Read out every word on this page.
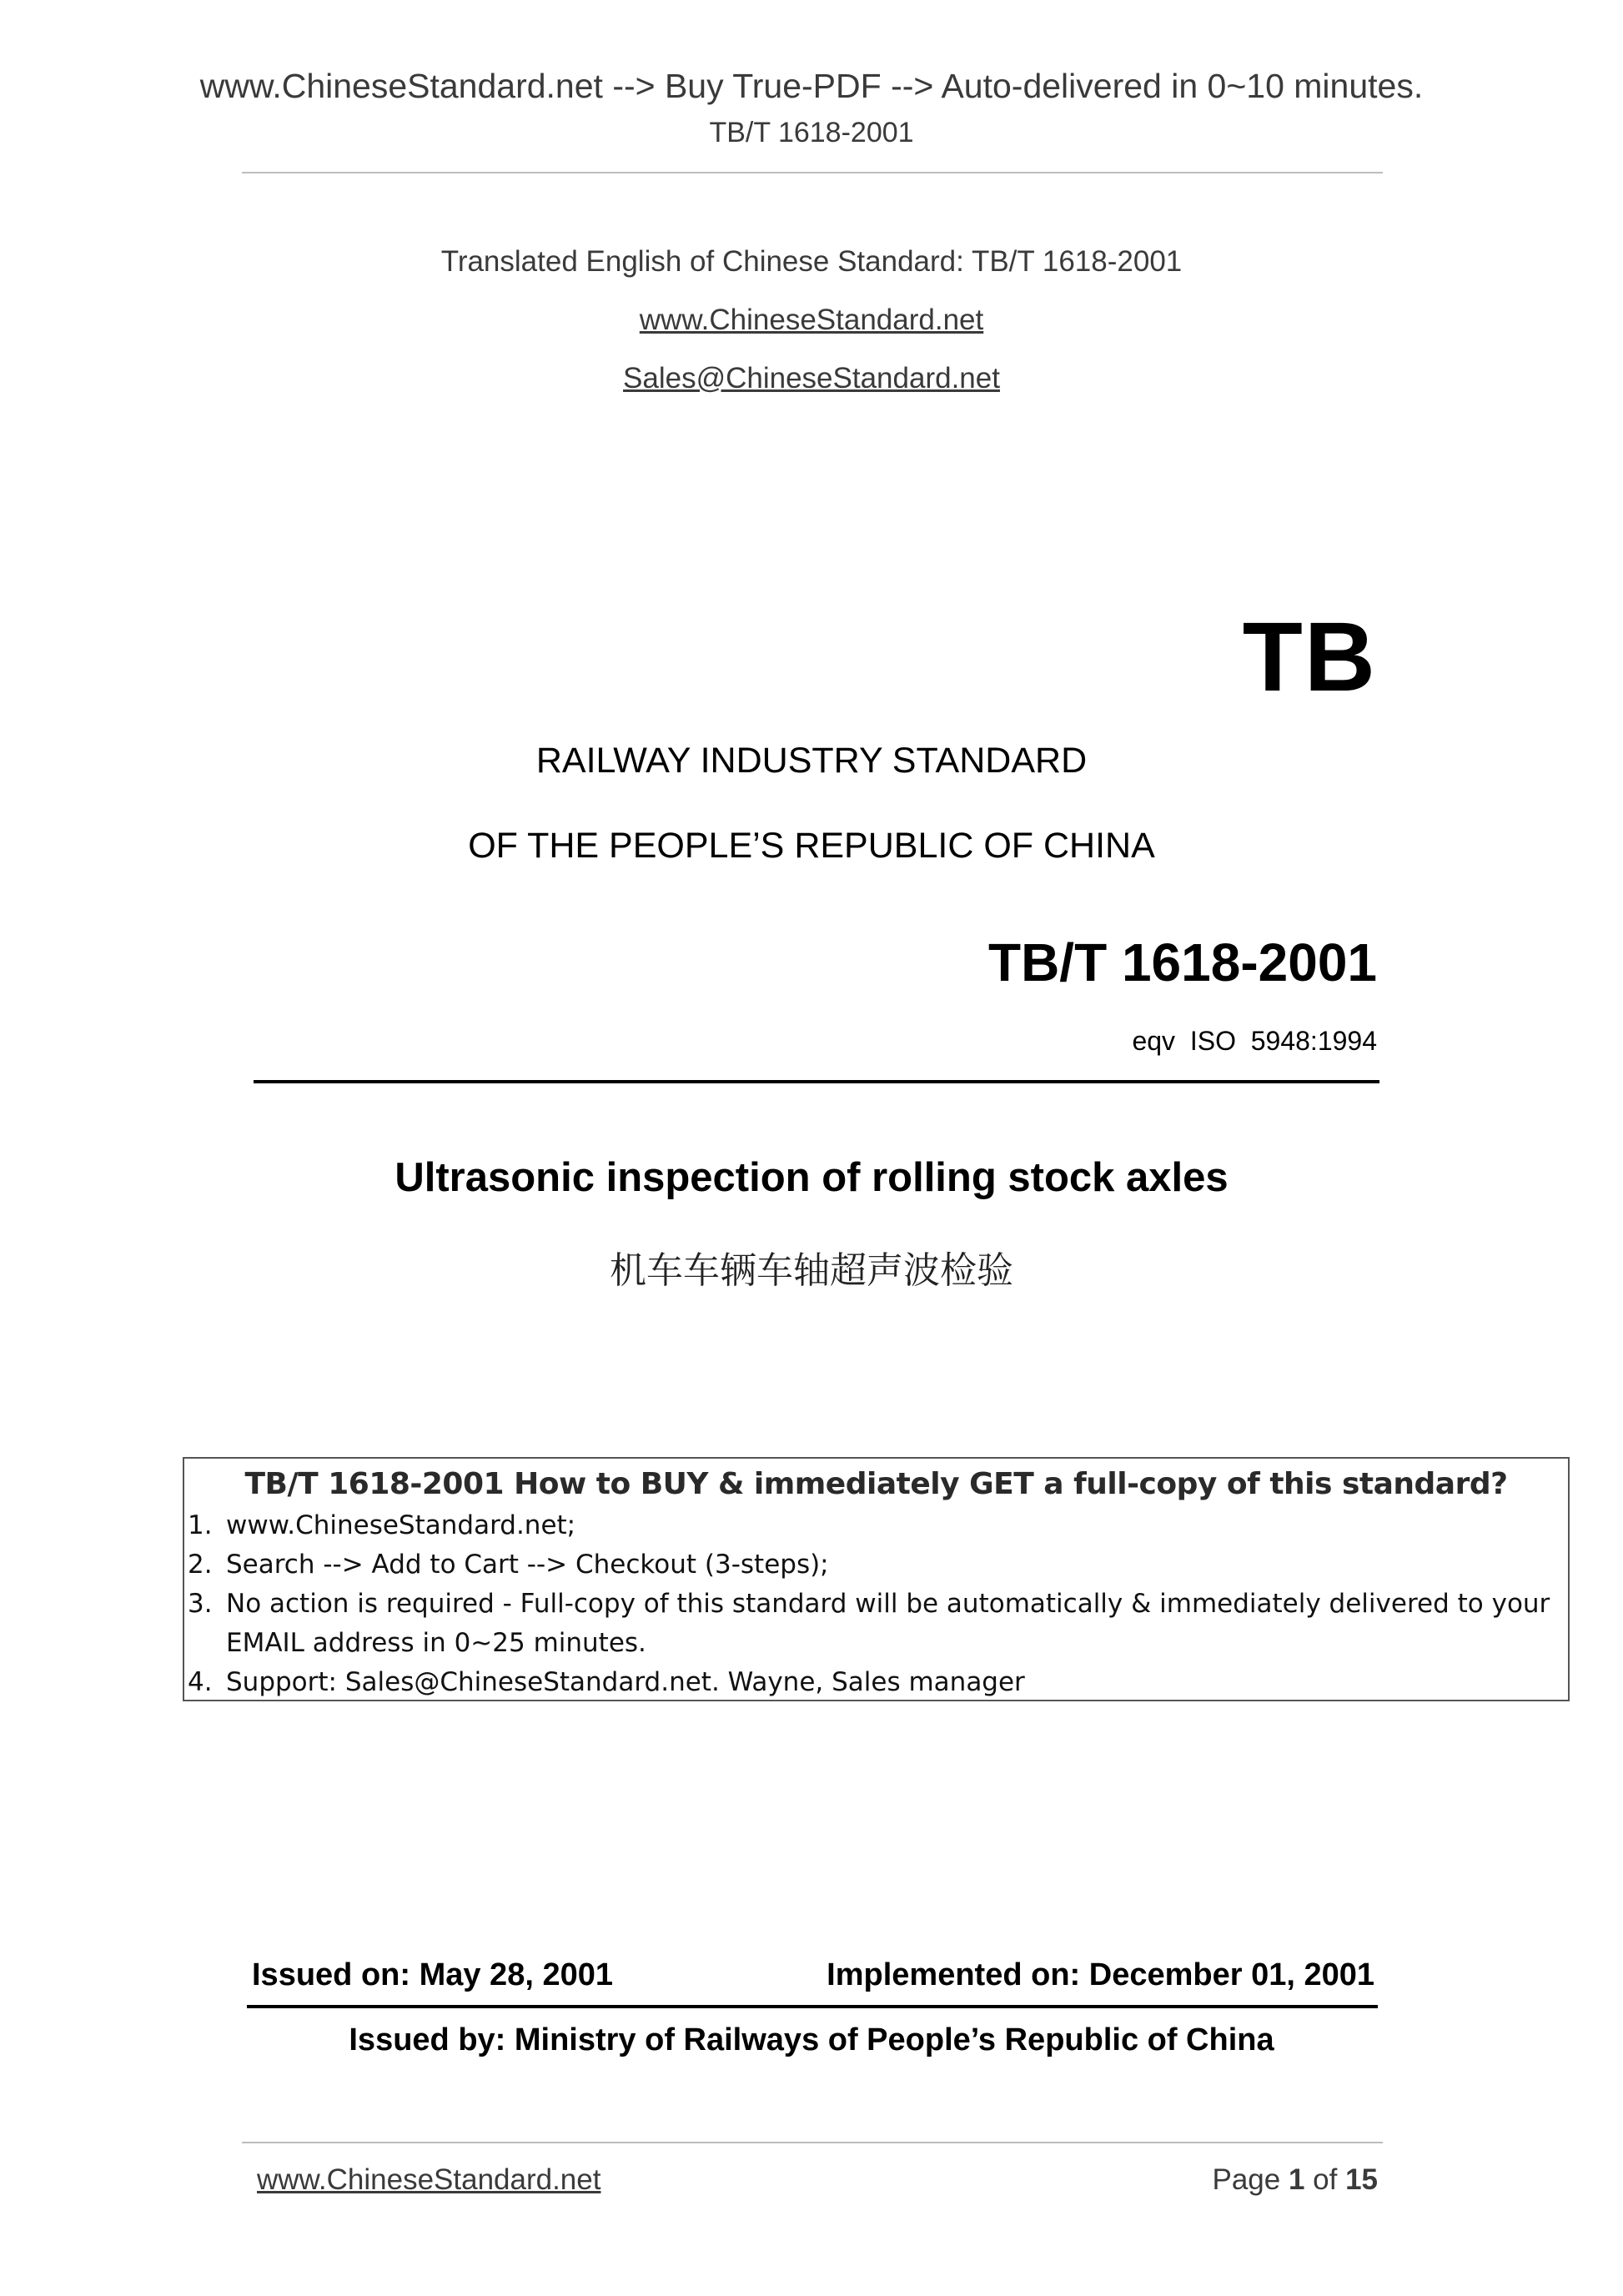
www.ChineseStandard.net --> Buy True-PDF --> Auto-delivered in 0~10 minutes.
TB/T 1618-2001
Translated English of Chinese Standard: TB/T 1618-2001
www.ChineseStandard.net
Sales@ChineseStandard.net
TB
RAILWAY INDUSTRY STANDARD
OF THE PEOPLE’S REPUBLIC OF CHINA
TB/T 1618-2001
eqv  ISO  5948:1994
Ultrasonic inspection of rolling stock axles
机车车辆车轴超声波检验
TB/T 1618-2001 How to BUY & immediately GET a full-copy of this standard?
1. www.ChineseStandard.net;
2. Search --> Add to Cart --> Checkout (3-steps);
3. No action is required - Full-copy of this standard will be automatically & immediately delivered to your EMAIL address in 0~25 minutes.
4. Support: Sales@ChineseStandard.net. Wayne, Sales manager
Issued on: May 28, 2001	Implemented on: December 01, 2001
Issued by: Ministry of Railways of People’s Republic of China
www.ChineseStandard.net	Page 1 of 15
